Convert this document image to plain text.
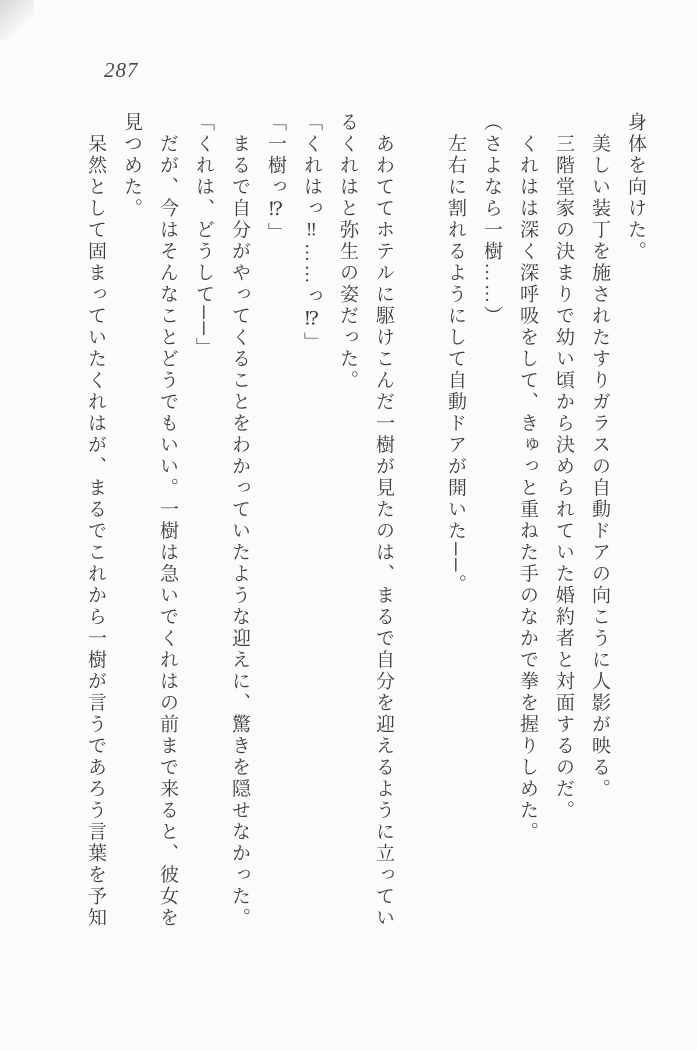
287

身体を向けた。

　美しい装丁を施されたすりガラスの自動ドアの向こうに人影が映る。

　三階堂家の決まりで幼い頃から決められていた婚約者と対面するのだ。

　くれはは深く深呼吸をして、きゅっと重ねた手のなかで拳を握りしめた。

（さよなら一樹……）

　左右に割れるようにして自動ドアが開いた──。

　あわててホテルに駆けこんだ一樹が見たのは、まるで自分を迎えるように立ってい

るくれはと弥生の姿だった。

「くれはっ‼……っ⁉」

「一樹っ⁉」

　まるで自分がやってくることをわかっていたような迎えに、驚きを隠せなかった。

「くれは、どうして──」

　だが、今はそんなことどうでもいい。一樹は急いでくれはの前まで来ると、彼女を

見つめた。

　呆然として固まっていたくれはが、まるでこれから一樹が言うであろう言葉を予知
